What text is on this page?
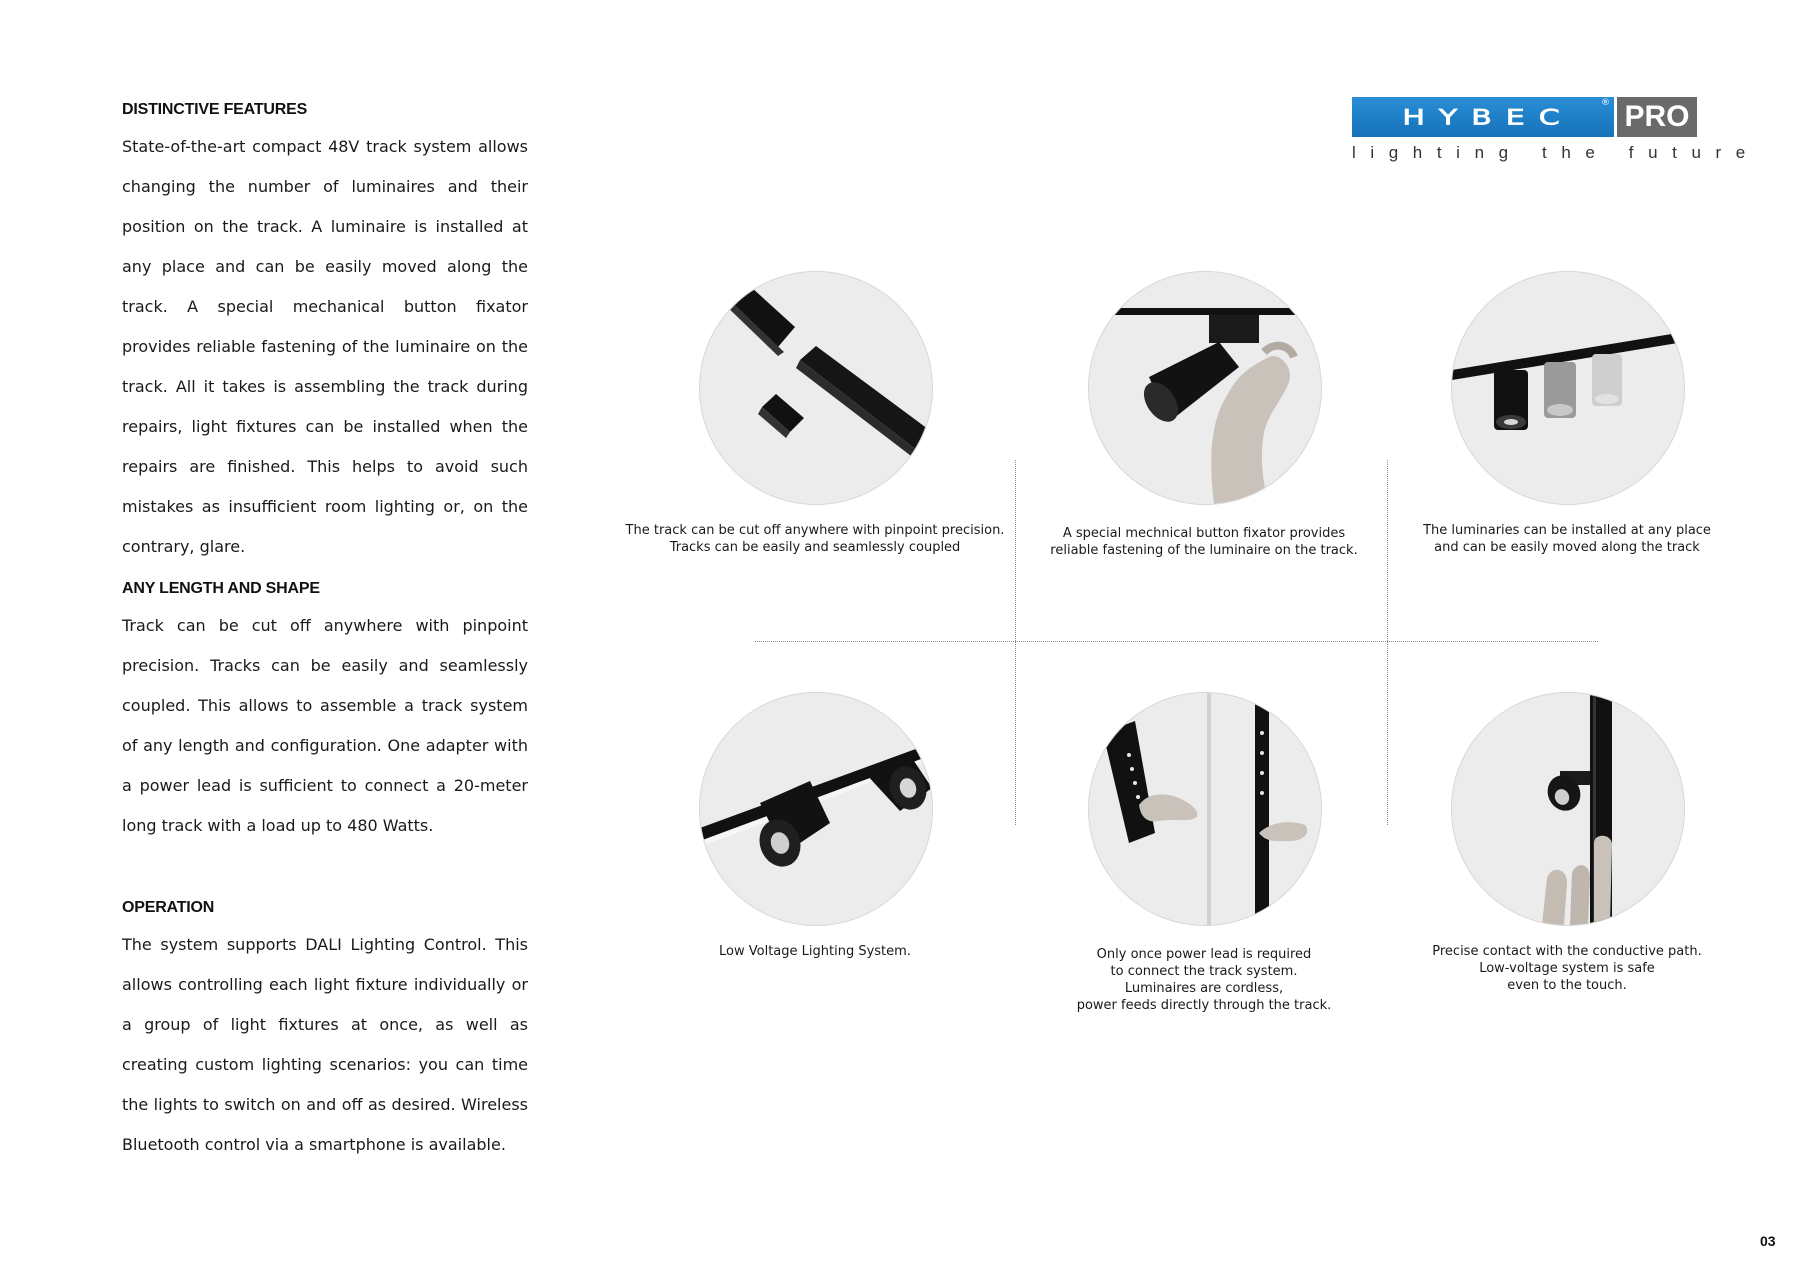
DISTINCTIVE FEATURES

State-of-the-art compact 48V track system allows changing the number of luminaires and their position on the track. A luminaire is installed at any place and can be easily moved along the track. A special mechanical button fixator provides reliable fastening of the luminaire on the track. All it takes is assembling the track during repairs, light fixtures can be installed when the repairs are finished. This helps to avoid such mistakes as insufficient room lighting or, on the contrary, glare.

ANY LENGTH AND SHAPE

Track can be cut off anywhere with pinpoint precision. Tracks can be easily and seamlessly coupled. This allows to assemble a track system of any length and configuration. One adapter with a power lead is sufficient to connect a 20-meter long track with a load up to 480 Watts.

OPERATION

The system supports DALI Lighting Control. This allows controlling each light fixture individually or a group of light fixtures at once, as well as creating custom lighting scenarios: you can time the lights to switch on and off as desired. Wireless Bluetooth control via a smartphone is available.

HYBEC
® PRO
lighting the future
The track can be cut off anywhere with pinpoint precision.
Tracks can be easily and seamlessly coupled
A special mechnical button fixator provides
reliable fastening of the luminaire on the track.
The luminaries can be installed at any place
and can be easily moved along the track
Low Voltage Lighting System.	Only once power lead is required
to connect the track system.
Luminaires are cordless,
power feeds directly through the track.
Precise contact with the conductive path.
Low-voltage system is safe
even to the touch.
03
